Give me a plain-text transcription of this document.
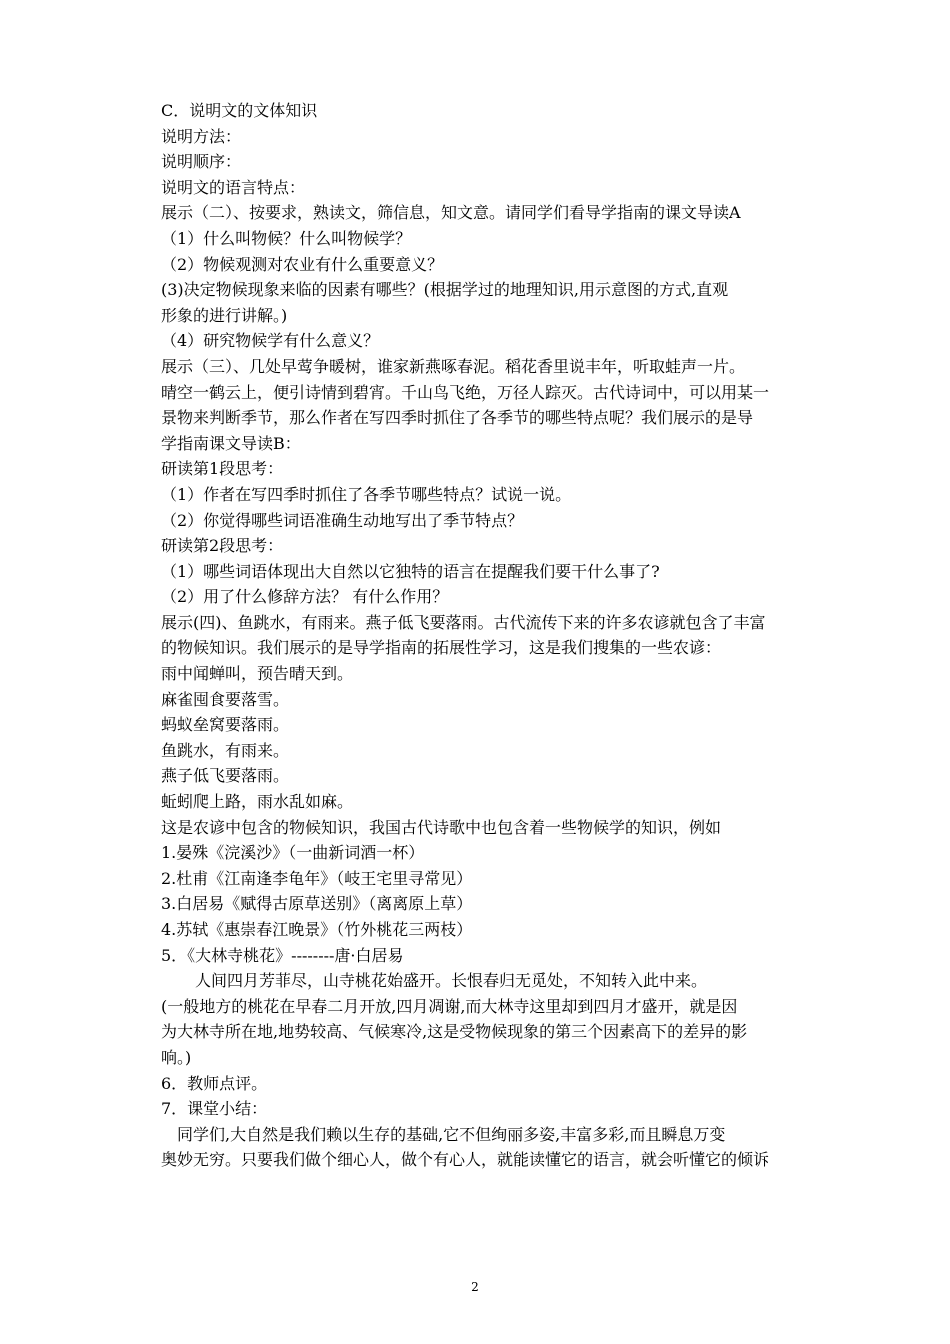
C．说明文的文体知识
说明方法：
说明顺序：
说明文的语言特点：
展示（二）、按要求，熟读文，筛信息，知文意。请同学们看导学指南的课文导读A
（1）什么叫物候？什么叫物候学？
（2）物候观测对农业有什么重要意义？
(3)决定物候现象来临的因素有哪些？(根据学过的地理知识,用示意图的方式,直观
形象的进行讲解。)
（4）研究物候学有什么意义？
展示（三）、几处早莺争暖树，谁家新燕啄春泥。稻花香里说丰年，听取蛙声一片。
晴空一鹤云上，便引诗情到碧宵。千山鸟飞绝，万径人踪灭。古代诗词中，可以用某一
景物来判断季节，那么作者在写四季时抓住了各季节的哪些特点呢？我们展示的是导
学指南课文导读B：
研读第1段思考：
（1）作者在写四季时抓住了各季节哪些特点？试说一说。
（2）你觉得哪些词语准确生动地写出了季节特点？
研读第2段思考：
（1）哪些词语体现出大自然以它独特的语言在提醒我们要干什么事了?
（2）用了什么修辞方法？ 有什么作用？
展示(四)、鱼跳水，有雨来。燕子低飞要落雨。古代流传下来的许多农谚就包含了丰富
的物候知识。我们展示的是导学指南的拓展性学习，这是我们搜集的一些农谚：
雨中闻蝉叫，预告晴天到。
麻雀囤食要落雪。
蚂蚁垒窝要落雨。
鱼跳水，有雨来。
燕子低飞要落雨。
蚯蚓爬上路，雨水乱如麻。
这是农谚中包含的物候知识，我国古代诗歌中也包含着一些物候学的知识，例如
1.晏殊《浣溪沙》（一曲新词酒一杯）
2.杜甫《江南逢李龟年》（岐王宅里寻常见）
3.白居易《赋得古原草送别》（离离原上草）
4.苏轼《惠崇春江晚景》（竹外桃花三两枝）
5．《大林寺桃花》--------唐·白居易
人间四月芳菲尽，山寺桃花始盛开。长恨春归无觅处，不知转入此中来。
(一般地方的桃花在早春二月开放,四月凋谢,而大林寺这里却到四月才盛开，就是因
为大林寺所在地,地势较高、气候寒冷,这是受物候现象的第三个因素高下的差异的影
响。)
6．教师点评。
7．课堂小结：
同学们,大自然是我们赖以生存的基础,它不但绚丽多姿,丰富多彩,而且瞬息万变
奥妙无穷。只要我们做个细心人，做个有心人，就能读懂它的语言，就会听懂它的倾诉
2
